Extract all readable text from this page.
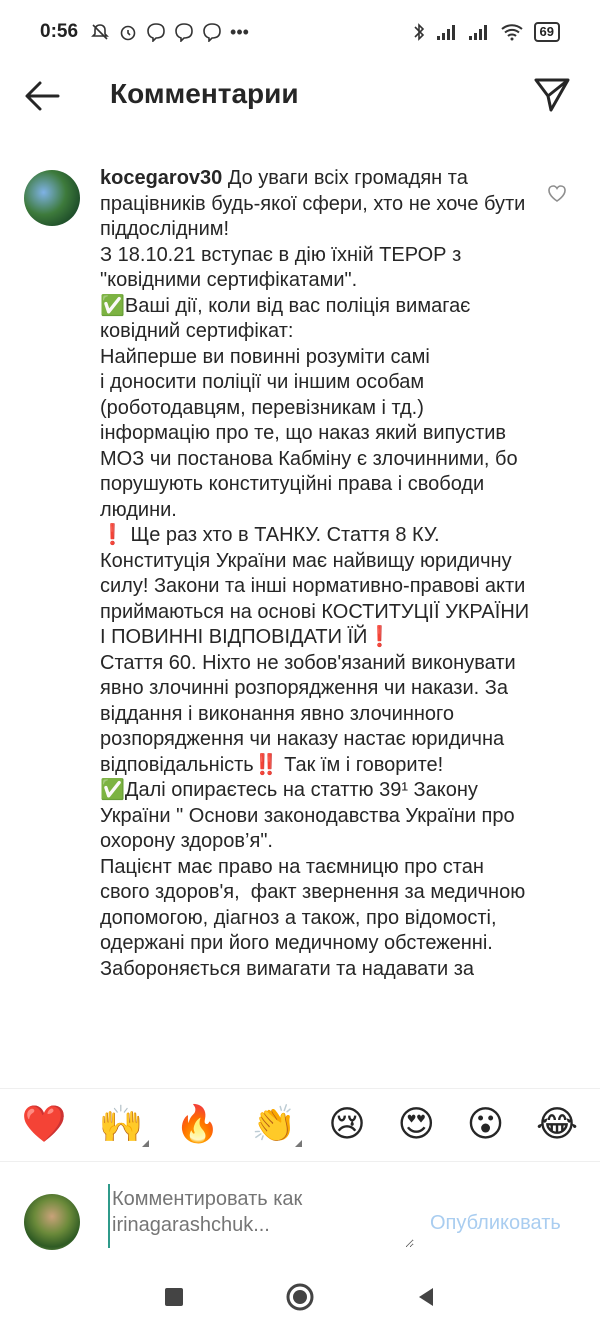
0:56	•••	69
Комментарии
kocegarov30 До уваги всіх громадян та працівників будь-якої сфери, хто не хоче бути піддослідним!
З 18.10.21 вступає в дію їхній ТЕРОР з "ковідними сертифікатами".
✅Ваші дії, коли від вас поліція вимагає ковідний сертифікат:
Найперше ви повинні розуміти самі
і доносити поліції чи іншим особам (роботодавцям, перевізникам і тд.) інформацію про те, що наказ який випустив МОЗ чи постанова Кабміну є злочинними, бо порушують конституційні права і свободи людини.
❗ Ще раз хто в ТАНКУ. Стаття 8 КУ. Конституція України має найвищу юридичну силу! Закони та інші нормативно-правові акти приймаються на основі КОСТИТУЦІЇ УКРАЇНИ І ПОВИННІ ВІДПОВІДАТИ ЇЙ❗
Стаття 60. Ніхто не зобов'язаний виконувати явно злочинні розпорядження чи накази. За віддання і виконання явно злочинного розпорядження чи наказу настає юридична відповідальність‼️ Так їм і говорите!
✅Далі опираєтесь на статтю 39¹ Закону України " Основи законодавства України про охорону здоров’я".
Пацієнт має право на таємницю про стан свого здоров'я,  факт звернення за медичною допомогою, діагноз а також, про відомості, одержані при його медичному обстеженні.
Забороняється вимагати та надавати за
❤️ 🙌 🔥 👏 😢 😍 😮 😂
Комментировать как irinagarashchuk...
Опубликовать
